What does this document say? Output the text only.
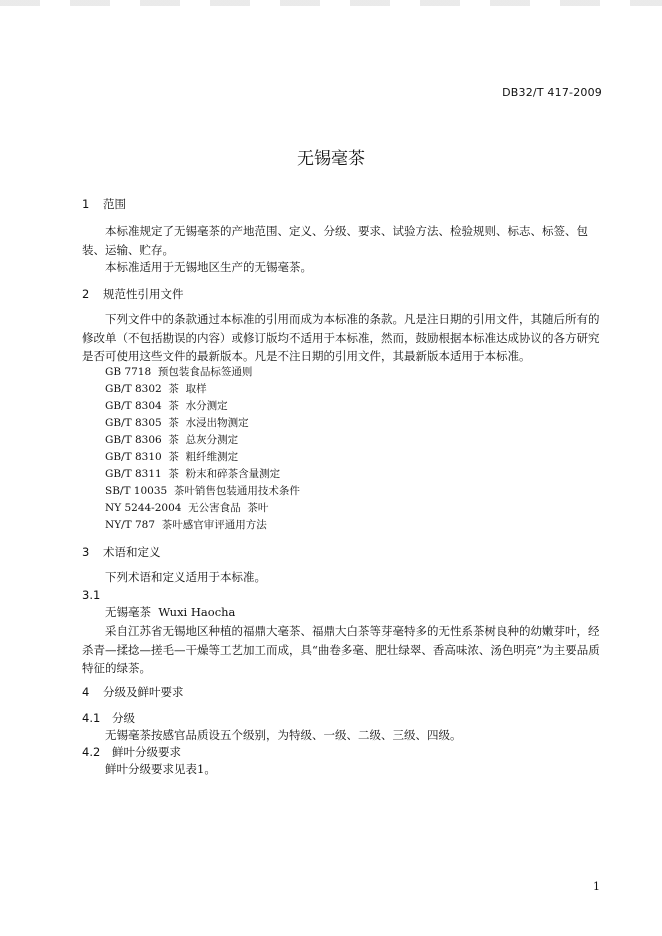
DB32/T 417-2009
无锡毫茶
1 范围
本标准规定了无锡毫茶的产地范围、定义、分级、要求、试验方法、检验规则、标志、标签、包装、运输、贮存。
本标准适用于无锡地区生产的无锡毫茶。
2 规范性引用文件
下列文件中的条款通过本标准的引用而成为本标准的条款。凡是注日期的引用文件，其随后所有的修改单（不包括勘误的内容）或修订版均不适用于本标准，然而，鼓励根据本标准达成协议的各方研究是否可使用这些文件的最新版本。凡是不注日期的引用文件，其最新版本适用于本标准。
GB 7718 预包装食品标签通则
GB/T 8302 茶  取样
GB/T 8304 茶  水分测定
GB/T 8305 茶  水浸出物测定
GB/T 8306 茶  总灰分测定
GB/T 8310 茶  粗纤维测定
GB/T 8311 茶  粉末和碎茶含量测定
SB/T 10035 茶叶销售包装通用技术条件
NY 5244-2004 无公害食品  茶叶
NY/T 787 茶叶感官审评通用方法
3 术语和定义
下列术语和定义适用于本标准。
3.1
无锡毫茶 Wuxi Haocha
采自江苏省无锡地区种植的福鼎大毫茶、福鼎大白茶等芽毫特多的无性系茶树良种的幼嫩芽叶，经杀青—揉捻—搓毛—干燥等工艺加工而成，具“曲卷多毫、肥壮绿翠、香高味浓、汤色明亮”为主要品质特征的绿茶。
4 分级及鲜叶要求
4.1 分级
无锡毫茶按感官品质设五个级别，为特级、一级、二级、三级、四级。
4.2 鲜叶分级要求
鲜叶分级要求见表1。
1
